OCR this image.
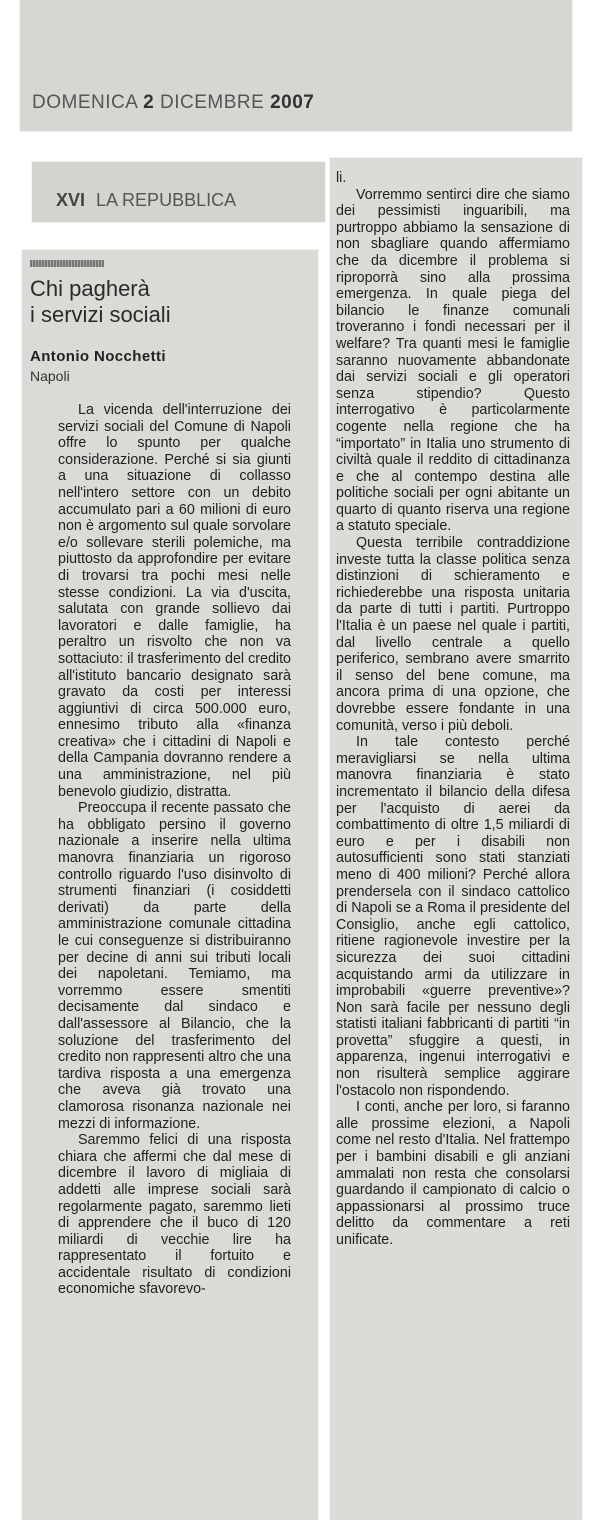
DOMENICA 2 DICEMBRE 2007
XVI LA REPUBBLICA
Chi pagherà
i servizi sociali
Antonio Nocchetti
Napoli

La vicenda dell'interruzione dei servizi sociali del Comune di Napoli offre lo spunto per qualche considerazione. Perché si sia giunti a una situazione di collasso nell'intero settore con un debito accumulato pari a 60 milioni di euro non è argomento sul quale sorvolare e/o sollevare sterili polemiche, ma piuttosto da approfondire per evitare di trovarsi tra pochi mesi nelle stesse condizioni. La via d'uscita, salutata con grande sollievo dai lavoratori e dalle famiglie, ha peraltro un risvolto che non va sottaciuto: il trasferimento del credito all'istituto bancario designato sarà gravato da costi per interessi aggiuntivi di circa 500.000 euro, ennesimo tributo alla «finanza creativa» che i cittadini di Napoli e della Campania dovranno rendere a una amministrazione, nel più benevolo giudizio, distratta.

Preoccupa il recente passato che ha obbligato persino il governo nazionale a inserire nella ultima manovra finanziaria un rigoroso controllo riguardo l'uso disinvolto di strumenti finanziari (i cosiddetti derivati) da parte della amministrazione comunale cittadina le cui conseguenze si distribuiranno per decine di anni sui tributi locali dei napoletani. Temiamo, ma vorremmo essere smentiti decisamente dal sindaco e dall'assessore al Bilancio, che la soluzione del trasferimento del credito non rappresenti altro che una tardiva risposta a una emergenza che aveva già trovato una clamorosa risonanza nazionale nei mezzi di informazione.

Saremmo felici di una risposta chiara che affermi che dal mese di dicembre il lavoro di migliaia di addetti alle imprese sociali sarà regolarmente pagato, saremmo lieti di apprendere che il buco di 120 miliardi di vecchie lire ha rappresentato il fortuito e accidentale risultato di condizioni economiche sfavorevo-

li.

Vorremmo sentirci dire che siamo dei pessimisti inguaribili, ma purtroppo abbiamo la sensazione di non sbagliare quando affermiamo che da dicembre il problema si riproporrà sino alla prossima emergenza. In quale piega del bilancio le finanze comunali troveranno i fondi necessari per il welfare? Tra quanti mesi le famiglie saranno nuovamente abbandonate dai servizi sociali e gli operatori senza stipendio? Questo interrogativo è particolarmente cogente nella regione che ha “importato” in Italia uno strumento di civiltà quale il reddito di cittadinanza e che al contempo destina alle politiche sociali per ogni abitante un quarto di quanto riserva una regione a statuto speciale.

Questa terribile contraddizione investe tutta la classe politica senza distinzioni di schieramento e richiederebbe una risposta unitaria da parte di tutti i partiti. Purtroppo l'Italia è un paese nel quale i partiti, dal livello centrale a quello periferico, sembrano avere smarrito il senso del bene comune, ma ancora prima di una opzione, che dovrebbe essere fondante in una comunità, verso i più deboli.

In tale contesto perché meravigliarsi se nella ultima manovra finanziaria è stato incrementato il bilancio della difesa per l'acquisto di aerei da combattimento di oltre 1,5 miliardi di euro e per i disabili non autosufficienti sono stati stanziati meno di 400 milioni? Perché allora prendersela con il sindaco cattolico di Napoli se a Roma il presidente del Consiglio, anche egli cattolico, ritiene ragionevole investire per la sicurezza dei suoi cittadini acquistando armi da utilizzare in improbabili «guerre preventive»? Non sarà facile per nessuno degli statisti italiani fabbricanti di partiti “in provetta” sfuggire a questi, in apparenza, ingenui interrogativi e non risulterà semplice aggirare l'ostacolo non rispondendo.

I conti, anche per loro, si faranno alle prossime elezioni, a Napoli come nel resto d'Italia. Nel frattempo per i bambini disabili e gli anziani ammalati non resta che consolarsi guardando il campionato di calcio o appassionarsi al prossimo truce delitto da commentare a reti unificate.
